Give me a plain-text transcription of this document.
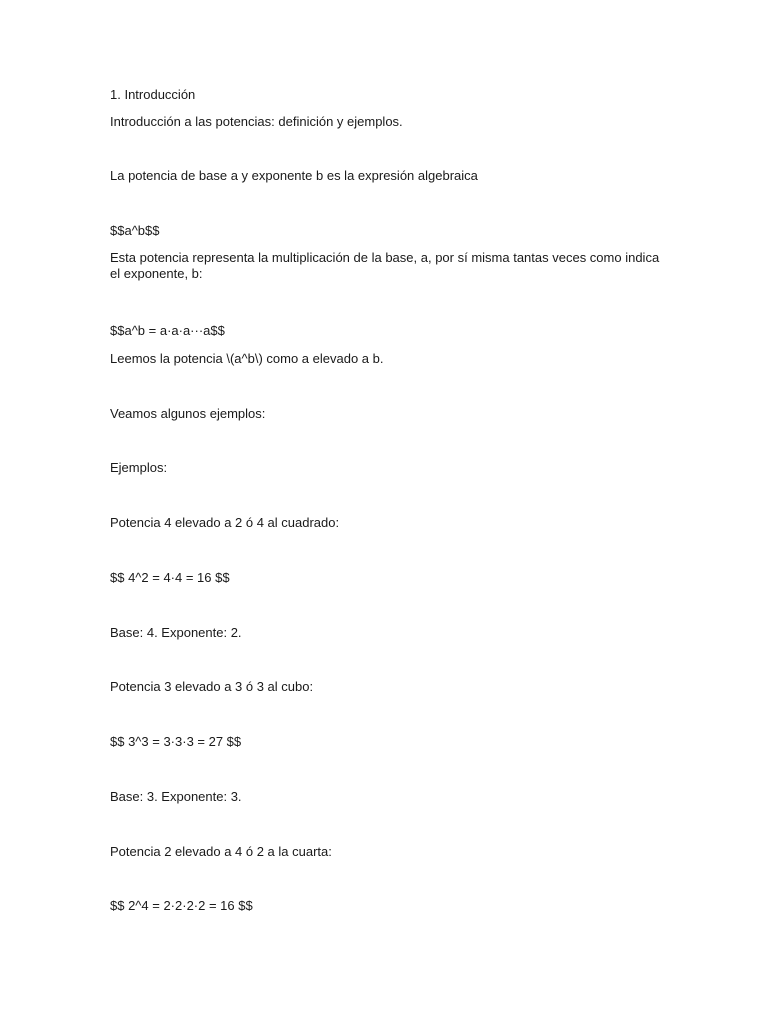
1. Introducción
Introducción a las potencias: definición y ejemplos.
La potencia de base a y exponente b es la expresión algebraica
$$a^b$$
Esta potencia representa la multiplicación de la base, a, por sí misma tantas veces como indica el exponente, b:
$$a^b = a·a·a···a$$
Leemos la potencia \(a^b\) como a elevado a b.
Veamos algunos ejemplos:
Ejemplos:
Potencia 4 elevado a 2 ó 4 al cuadrado:
$$ 4^2 = 4·4 = 16 $$
Base: 4. Exponente: 2.
Potencia 3 elevado a 3 ó 3 al cubo:
$$ 3^3 = 3·3·3 = 27 $$
Base: 3. Exponente: 3.
Potencia 2 elevado a 4 ó 2 a la cuarta:
$$ 2^4 = 2·2·2·2 = 16 $$
